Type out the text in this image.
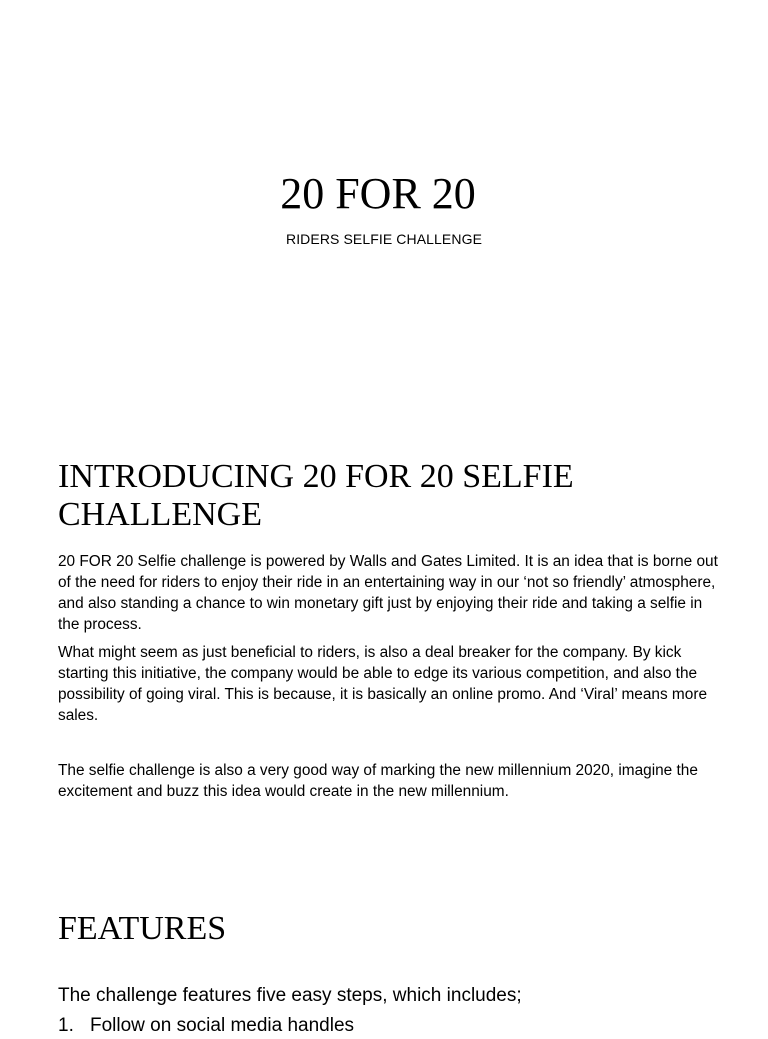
20 FOR 20

RIDERS SELFIE CHALLENGE

INTRODUCING 20 FOR 20 SELFIE
CHALLENGE

20 FOR 20 Selfie challenge is powered by Walls and Gates Limited. It is an idea that is borne out of the need for riders to enjoy their ride in an entertaining way in our ‘not so friendly’ atmosphere, and also standing a chance to win monetary gift just by enjoying their ride and taking a selfie in the process.

What might seem as just beneficial to riders, is also a deal breaker for the company. By kick starting this initiative, the company would be able to edge its various competition, and also the possibility of going viral. This is because, it is basically an online promo. And ‘Viral’ means more sales.

The selfie challenge is also a very good way of marking the new millennium 2020, imagine the excitement and buzz this idea would create in the new millennium.

FEATURES

The challenge features five easy steps, which includes;

1. Follow on social media handles
